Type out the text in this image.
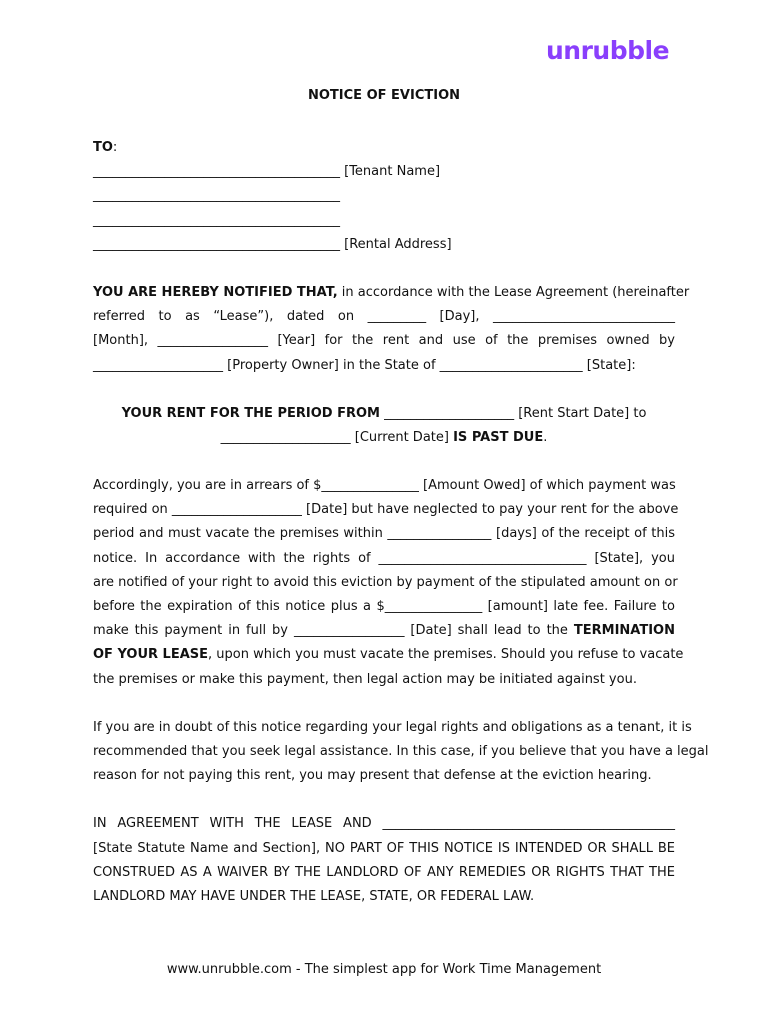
unrubble
NOTICE OF EVICTION
TO:
______________________________________ [Tenant Name]
______________________________________
______________________________________
______________________________________ [Rental Address]
YOU ARE HEREBY NOTIFIED THAT, in accordance with the Lease Agreement (hereinafter
referred to as “Lease”), dated on _________ [Day], ____________________________
[Month], _________________ [Year] for the rent and use of the premises owned by
____________________ [Property Owner] in the State of ______________________ [State]:
YOUR RENT FOR THE PERIOD FROM ____________________ [Rent Start Date] to
____________________ [Current Date] IS PAST DUE.
Accordingly, you are in arrears of $_______________ [Amount Owed] of which payment was
required on ____________________ [Date] but have neglected to pay your rent for the above
period and must vacate the premises within ________________ [days] of the receipt of this
notice. In accordance with the rights of ________________________________ [State], you
are notified of your right to avoid this eviction by payment of the stipulated amount on or
before the expiration of this notice plus a $_______________ [amount] late fee. Failure to
make this payment in full by _________________ [Date] shall lead to the TERMINATION
OF YOUR LEASE, upon which you must vacate the premises. Should you refuse to vacate
the premises or make this payment, then legal action may be initiated against you.
If you are in doubt of this notice regarding your legal rights and obligations as a tenant, it is
recommended that you seek legal assistance. In this case, if you believe that you have a legal
reason for not paying this rent, you may present that defense at the eviction hearing.
IN AGREEMENT WITH THE LEASE AND _____________________________________________
[State Statute Name and Section], NO PART OF THIS NOTICE IS INTENDED OR SHALL BE
CONSTRUED AS A WAIVER BY THE LANDLORD OF ANY REMEDIES OR RIGHTS THAT THE
LANDLORD MAY HAVE UNDER THE LEASE, STATE, OR FEDERAL LAW.
www.unrubble.com - The simplest app for Work Time Management
